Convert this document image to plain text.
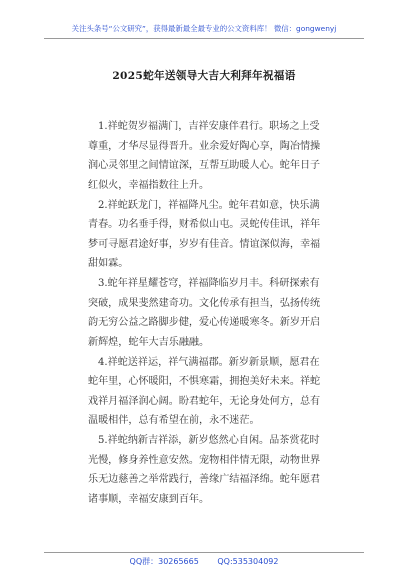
关注头条号“公文研究”，获得最新最全最专业的公文资料库！ 微信：gongwenyj
2025蛇年送领导大吉大利拜年祝福语

1.祥蛇贺岁福满门，吉祥安康伴君行。职场之上受尊重，才华尽显得晋升。业余爱好陶心享，陶冶情操润心灵邻里之间情谊深，互帮互助暖人心。蛇年日子红似火，幸福指数往上升。

2.祥蛇跃龙门，祥福降凡尘。蛇年君如意，快乐满青春。功名垂手得，财希似山屯。灵蛇传佳讯，祥年梦可寻愿君途好事，岁岁有佳音。情谊深似海，幸福甜如霖。

3.蛇年祥星耀苍穹，祥福降临岁月丰。科研探索有突破，成果斐然建奇功。文化传承有担当，弘扬传统韵无穷公益之路脚步健，爱心传递暖寒冬。新岁开启新辉煌，蛇年大吉乐融融。

4.祥蛇送祥运，祥气满福郡。新岁新景顺，愿君在蛇年里，心怀暖阳，不惧寒霜，拥抱美好未来。祥蛇戏祥月福泽润心阔。盼君蛇年，无论身处何方，总有温暖相伴，总有希望在前，永不迷茫。

5.祥蛇纳新吉祥添，新岁悠然心自闲。品茶赏花时光慢，修身养性意安然。宠物相伴情无限，动物世界乐无边慈善之举常践行，善缘广结福泽绵。蛇年愿君诸事顺，幸福安康到百年。

QQ群：30265665 QQ:535304092
